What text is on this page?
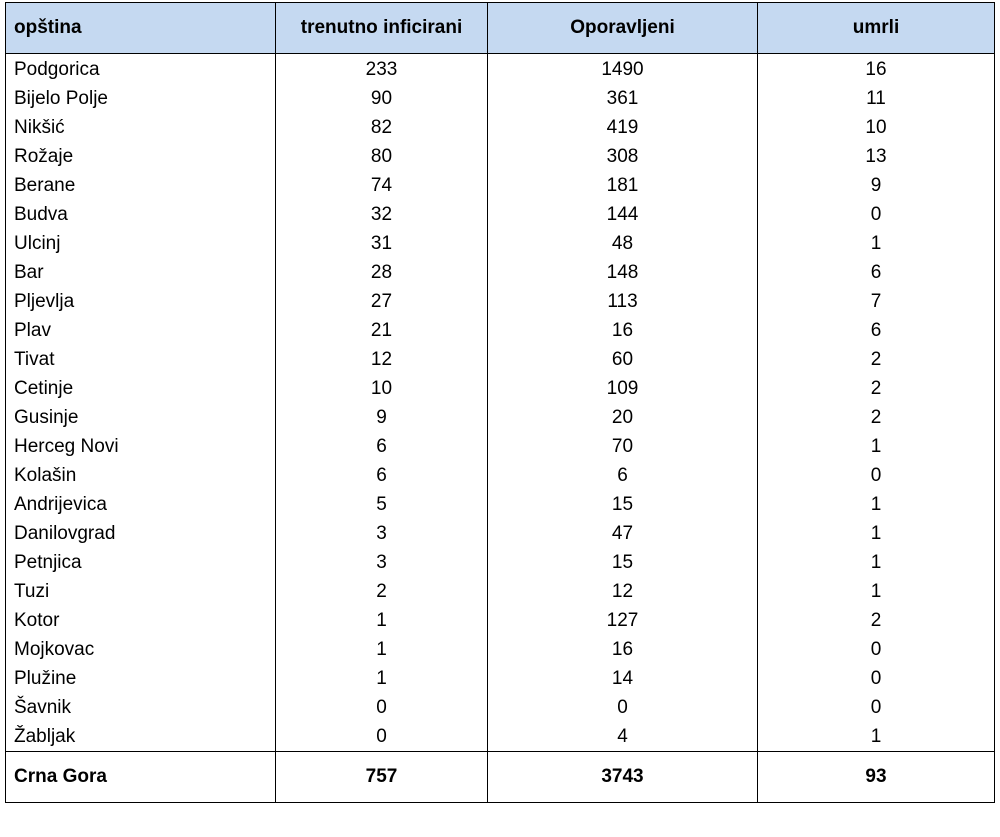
opština	trenutno inficirani	Oporavljeni	umrli
Podgorica	233	1490	16
Bijelo Polje	90	361	11
Nikšić	82	419	10
Rožaje	80	308	13
Berane	74	181	9
Budva	32	144	0
Ulcinj	31	48	1
Bar	28	148	6
Pljevlja	27	113	7
Plav	21	16	6
Tivat	12	60	2
Cetinje	10	109	2
Gusinje	9	20	2
Herceg Novi	6	70	1
Kolašin	6	6	0
Andrijevica	5	15	1
Danilovgrad	3	47	1
Petnjica	3	15	1
Tuzi	2	12	1
Kotor	1	127	2
Mojkovac	1	16	0
Plužine	1	14	0
Šavnik	0	0	0
Žabljak	0	4	1
Crna Gora	757	3743	93
